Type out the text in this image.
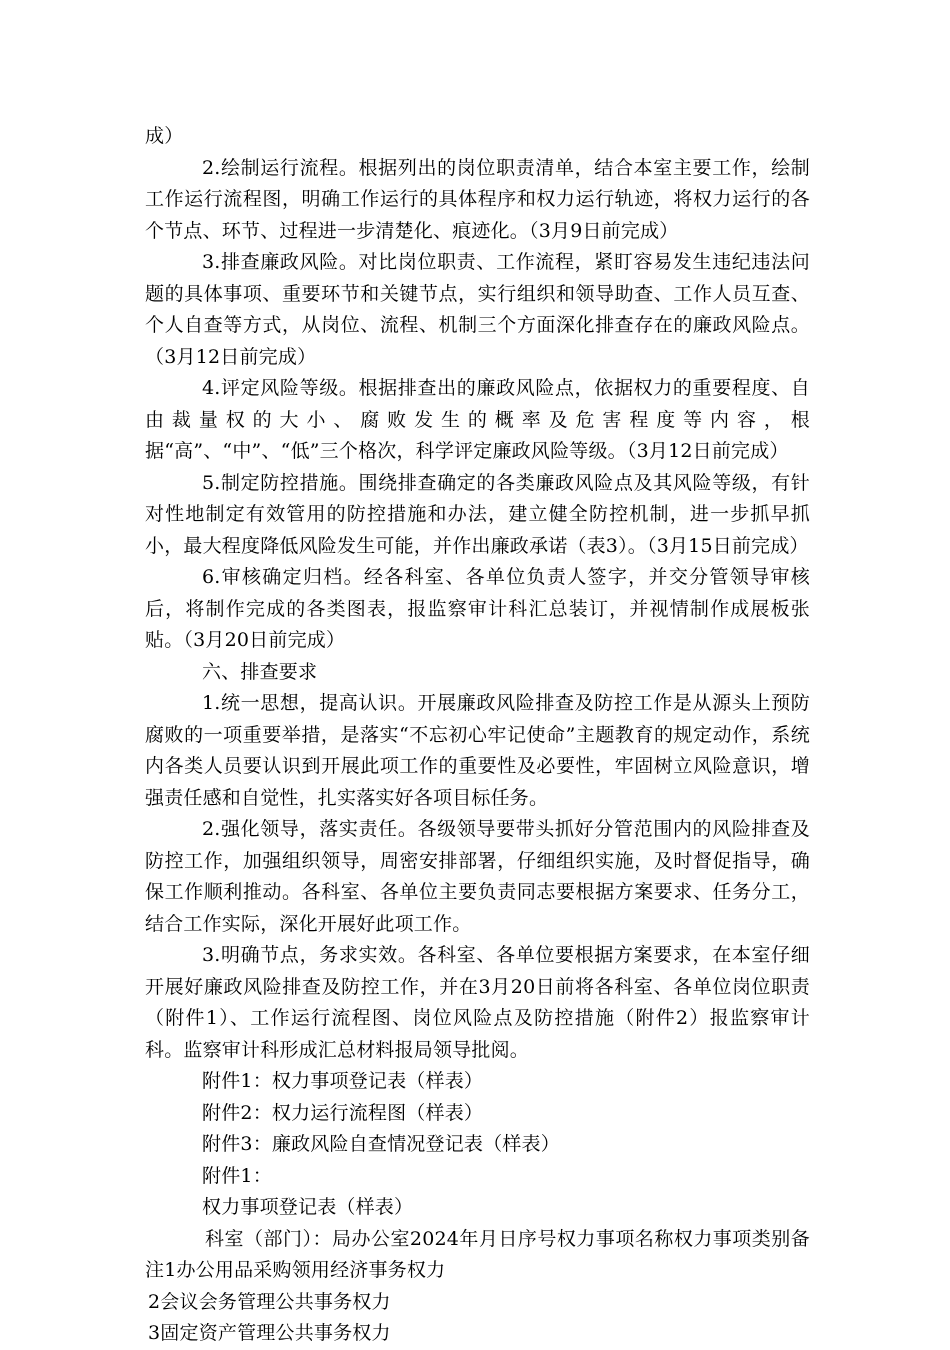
成）

2.绘制运行流程。根据列出的岗位职责清单，结合本室主要工作，绘制工作运行流程图，明确工作运行的具体程序和权力运行轨迹，将权力运行的各个节点、环节、过程进一步清楚化、痕迹化。（3月9日前完成）

3.排查廉政风险。对比岗位职责、工作流程，紧盯容易发生违纪违法问题的具体事项、重要环节和关键节点，实行组织和领导助查、工作人员互查、个人自查等方式，从岗位、流程、机制三个方面深化排查存在的廉政风险点。（3月12日前完成）

4.评定风险等级。根据排查出的廉政风险点，依据权力的重要程度、自由裁量权的大小、腐败发生的概率及危害程度等内容，根据“高”、“中”、“低”三个格次，科学评定廉政风险等级。（3月12日前完成）

5.制定防控措施。围绕排查确定的各类廉政风险点及其风险等级，有针对性地制定有效管用的防控措施和办法，建立健全防控机制，进一步抓早抓小，最大程度降低风险发生可能，并作出廉政承诺（表3）。（3月15日前完成）

6.审核确定归档。经各科室、各单位负责人签字，并交分管领导审核后，将制作完成的各类图表，报监察审计科汇总装订，并视情制作成展板张贴。（3月20日前完成）

六、排查要求

1.统一思想，提高认识。开展廉政风险排查及防控工作是从源头上预防腐败的一项重要举措，是落实“不忘初心牢记使命”主题教育的规定动作，系统内各类人员要认识到开展此项工作的重要性及必要性，牢固树立风险意识，增强责任感和自觉性，扎实落实好各项目标任务。

2.强化领导，落实责任。各级领导要带头抓好分管范围内的风险排查及防控工作，加强组织领导，周密安排部署，仔细组织实施，及时督促指导，确保工作顺利推动。各科室、各单位主要负责同志要根据方案要求、任务分工，结合工作实际，深化开展好此项工作。

3.明确节点，务求实效。各科室、各单位要根据方案要求，在本室仔细开展好廉政风险排查及防控工作，并在3月20日前将各科室、各单位岗位职责（附件1）、工作运行流程图、岗位风险点及防控措施（附件2）报监察审计科。监察审计科形成汇总材料报局领导批阅。

附件1：权力事项登记表（样表）

附件2：权力运行流程图（样表）

附件3：廉政风险自查情况登记表（样表）

附件1：

权力事项登记表（样表）

科室（部门）：局办公室2024年月日序号权力事项名称权力事项类别备注1办公用品采购领用经济事务权力

2会议会务管理公共事务权力

3固定资产管理公共事务权力
